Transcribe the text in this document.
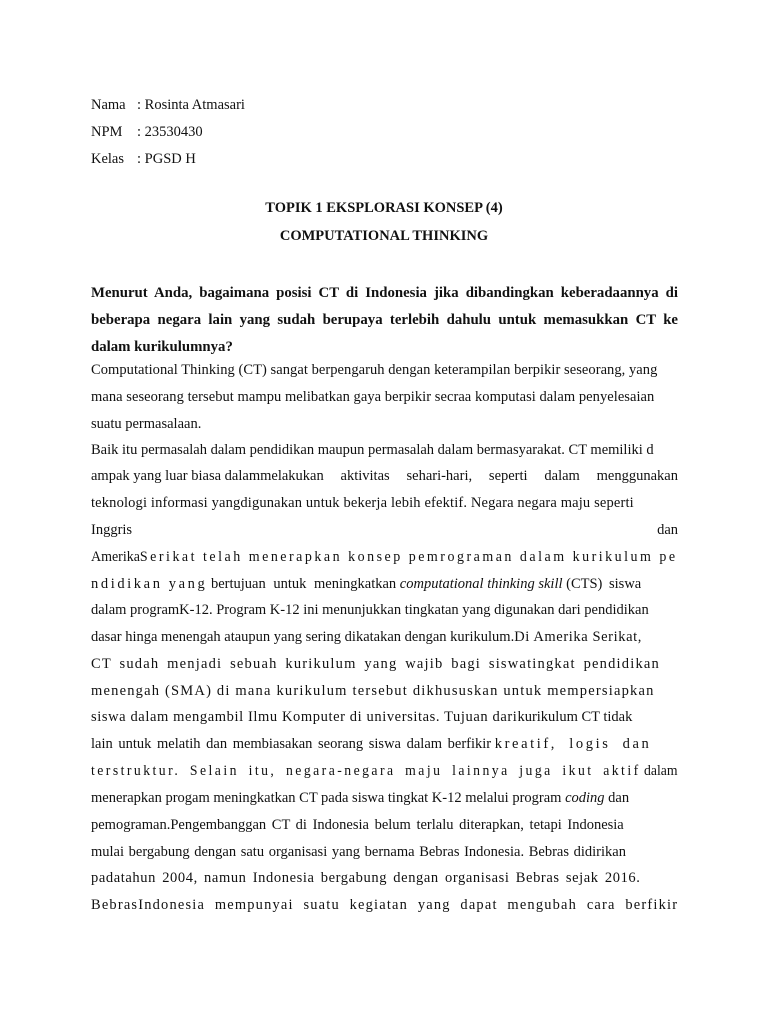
Nama : Rosinta Atmasari
NPM	: 23530430
Kelas : PGSD H
TOPIK 1 EKSPLORASI KONSEP (4)
COMPUTATIONAL THINKING
Menurut Anda, bagaimana posisi CT di Indonesia jika dibandingkan keberadaannya di beberapa negara lain yang sudah berupaya terlebih dahulu untuk memasukkan CT ke dalam kurikulumnya?
Computational Thinking (CT) sangat berpengaruh dengan keterampilan berpikir seseorang, yang
mana seseorang tersebut mampu melibatkan gaya berpikir secraa komputasi dalam penyelesaian
suatu permasalaan.
Baik itu permasalah dalam pendidikan maupun permasalah dalam bermasyarakat. CT memiliki d
ampak yang luar biasa dalammelakukan aktivitas sehari-hari, seperti dalam menggunakan
teknologi informasi yangdigunakan untuk bekerja lebih efektif. Negara negara maju seperti
Inggris	dan
AmerikaSerikat telah menerapkan konsep pemrograman dalam kurikulum pe
ndidikan yang bertujuan untuk meningkatkan computational thinking skill (CTS) siswa
dalam programK-12. Program K-12 ini menunjukkan tingkatan yang digunakan dari pendidikan
dasar hinga menengah ataupun yang sering dikatakan dengan kurikulum.Di Amerika Serikat,
CT sudah menjadi sebuah kurikulum yang wajib bagi siswatingkat pendidikan
menengah (SMA) di mana kurikulum tersebut dikhususkan untuk mempersiapkan
siswa dalam mengambil Ilmu Komputer di universitas. Tujuan darikurikulum CT tidak
lain untuk melatih dan membiasakan seorang siswa dalam berfikir kreatif, logis dan
terstruktur. Selain itu, negara-negara maju lainnya juga ikut aktif dalam
menerapkan progam meningkatkan CT pada siswa tingkat K-12 melalui program coding dan
pemograman.Pengembanggan CT di Indonesia belum terlalu diterapkan, tetapi Indonesia
mulai bergabung dengan satu organisasi yang bernama Bebras Indonesia. Bebras didirikan
padatahun 2004, namun Indonesia bergabung dengan organisasi Bebras sejak 2016.
BebrasIndonesia mempunyai suatu kegiatan yang dapat mengubah cara berfikir
